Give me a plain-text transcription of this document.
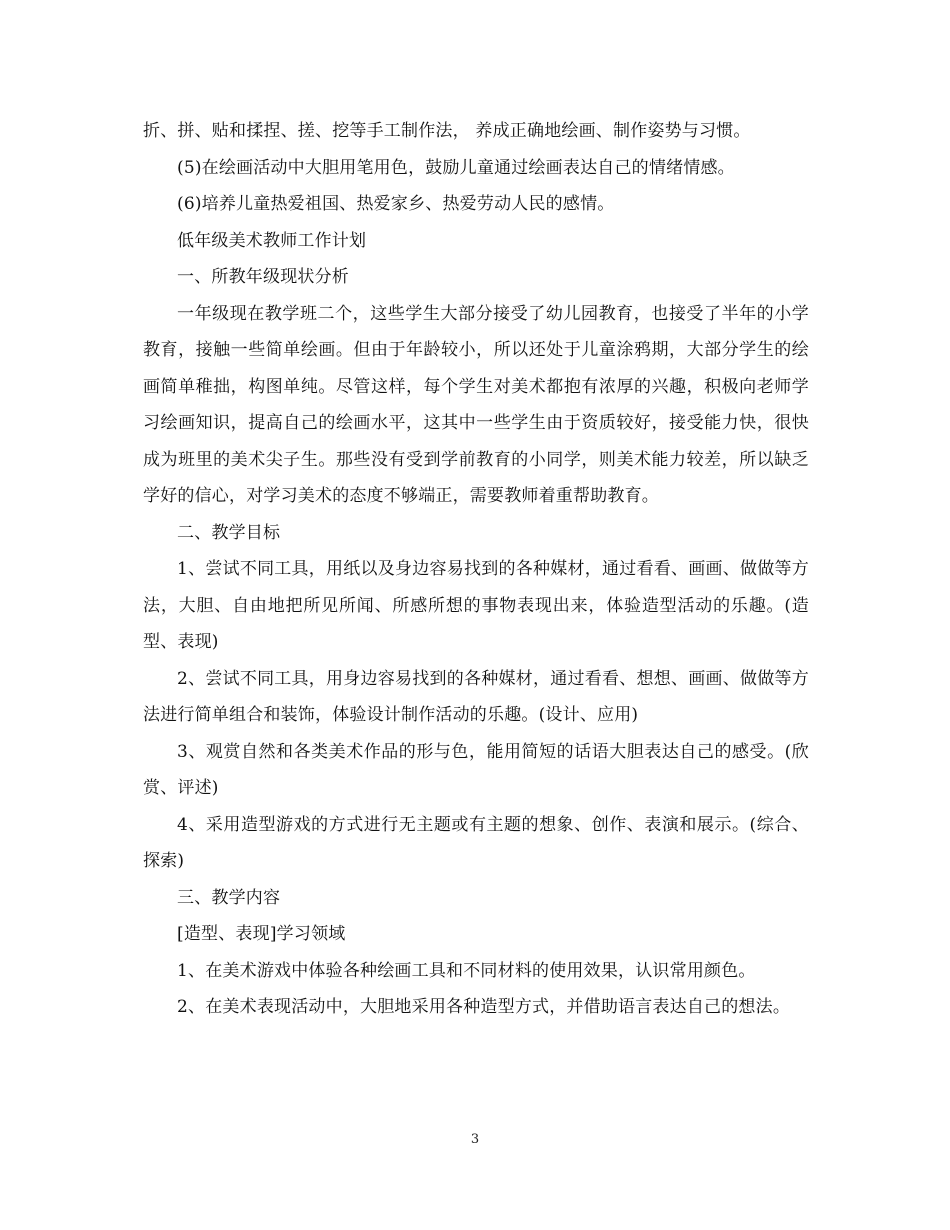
折、拼、贴和揉捏、搓、挖等手工制作法， 养成正确地绘画、制作姿势与习惯。

(5)在绘画活动中大胆用笔用色，鼓励儿童通过绘画表达自己的情绪情感。

(6)培养儿童热爱祖国、热爱家乡、热爱劳动人民的感情。

低年级美术教师工作计划

一、所教年级现状分析

一年级现在教学班二个，这些学生大部分接受了幼儿园教育，也接受了半年的小学教育，接触一些简单绘画。但由于年龄较小，所以还处于儿童涂鸦期，大部分学生的绘画简单稚拙，构图单纯。尽管这样，每个学生对美术都抱有浓厚的兴趣，积极向老师学习绘画知识，提高自己的绘画水平，这其中一些学生由于资质较好，接受能力快，很快成为班里的美术尖子生。那些没有受到学前教育的小同学，则美术能力较差，所以缺乏学好的信心，对学习美术的态度不够端正，需要教师着重帮助教育。

二、教学目标

1、尝试不同工具，用纸以及身边容易找到的各种媒材，通过看看、画画、做做等方法，大胆、自由地把所见所闻、所感所想的事物表现出来，体验造型活动的乐趣。(造型、表现)

2、尝试不同工具，用身边容易找到的各种媒材，通过看看、想想、画画、做做等方法进行简单组合和装饰，体验设计制作活动的乐趣。(设计、应用)

3、观赏自然和各类美术作品的形与色，能用简短的话语大胆表达自己的感受。(欣赏、评述)

4、采用造型游戏的方式进行无主题或有主题的想象、创作、表演和展示。(综合、探索)

三、教学内容

[造型、表现]学习领域

1、在美术游戏中体验各种绘画工具和不同材料的使用效果，认识常用颜色。

2、在美术表现活动中，大胆地采用各种造型方式，并借助语言表达自己的想法。

3
